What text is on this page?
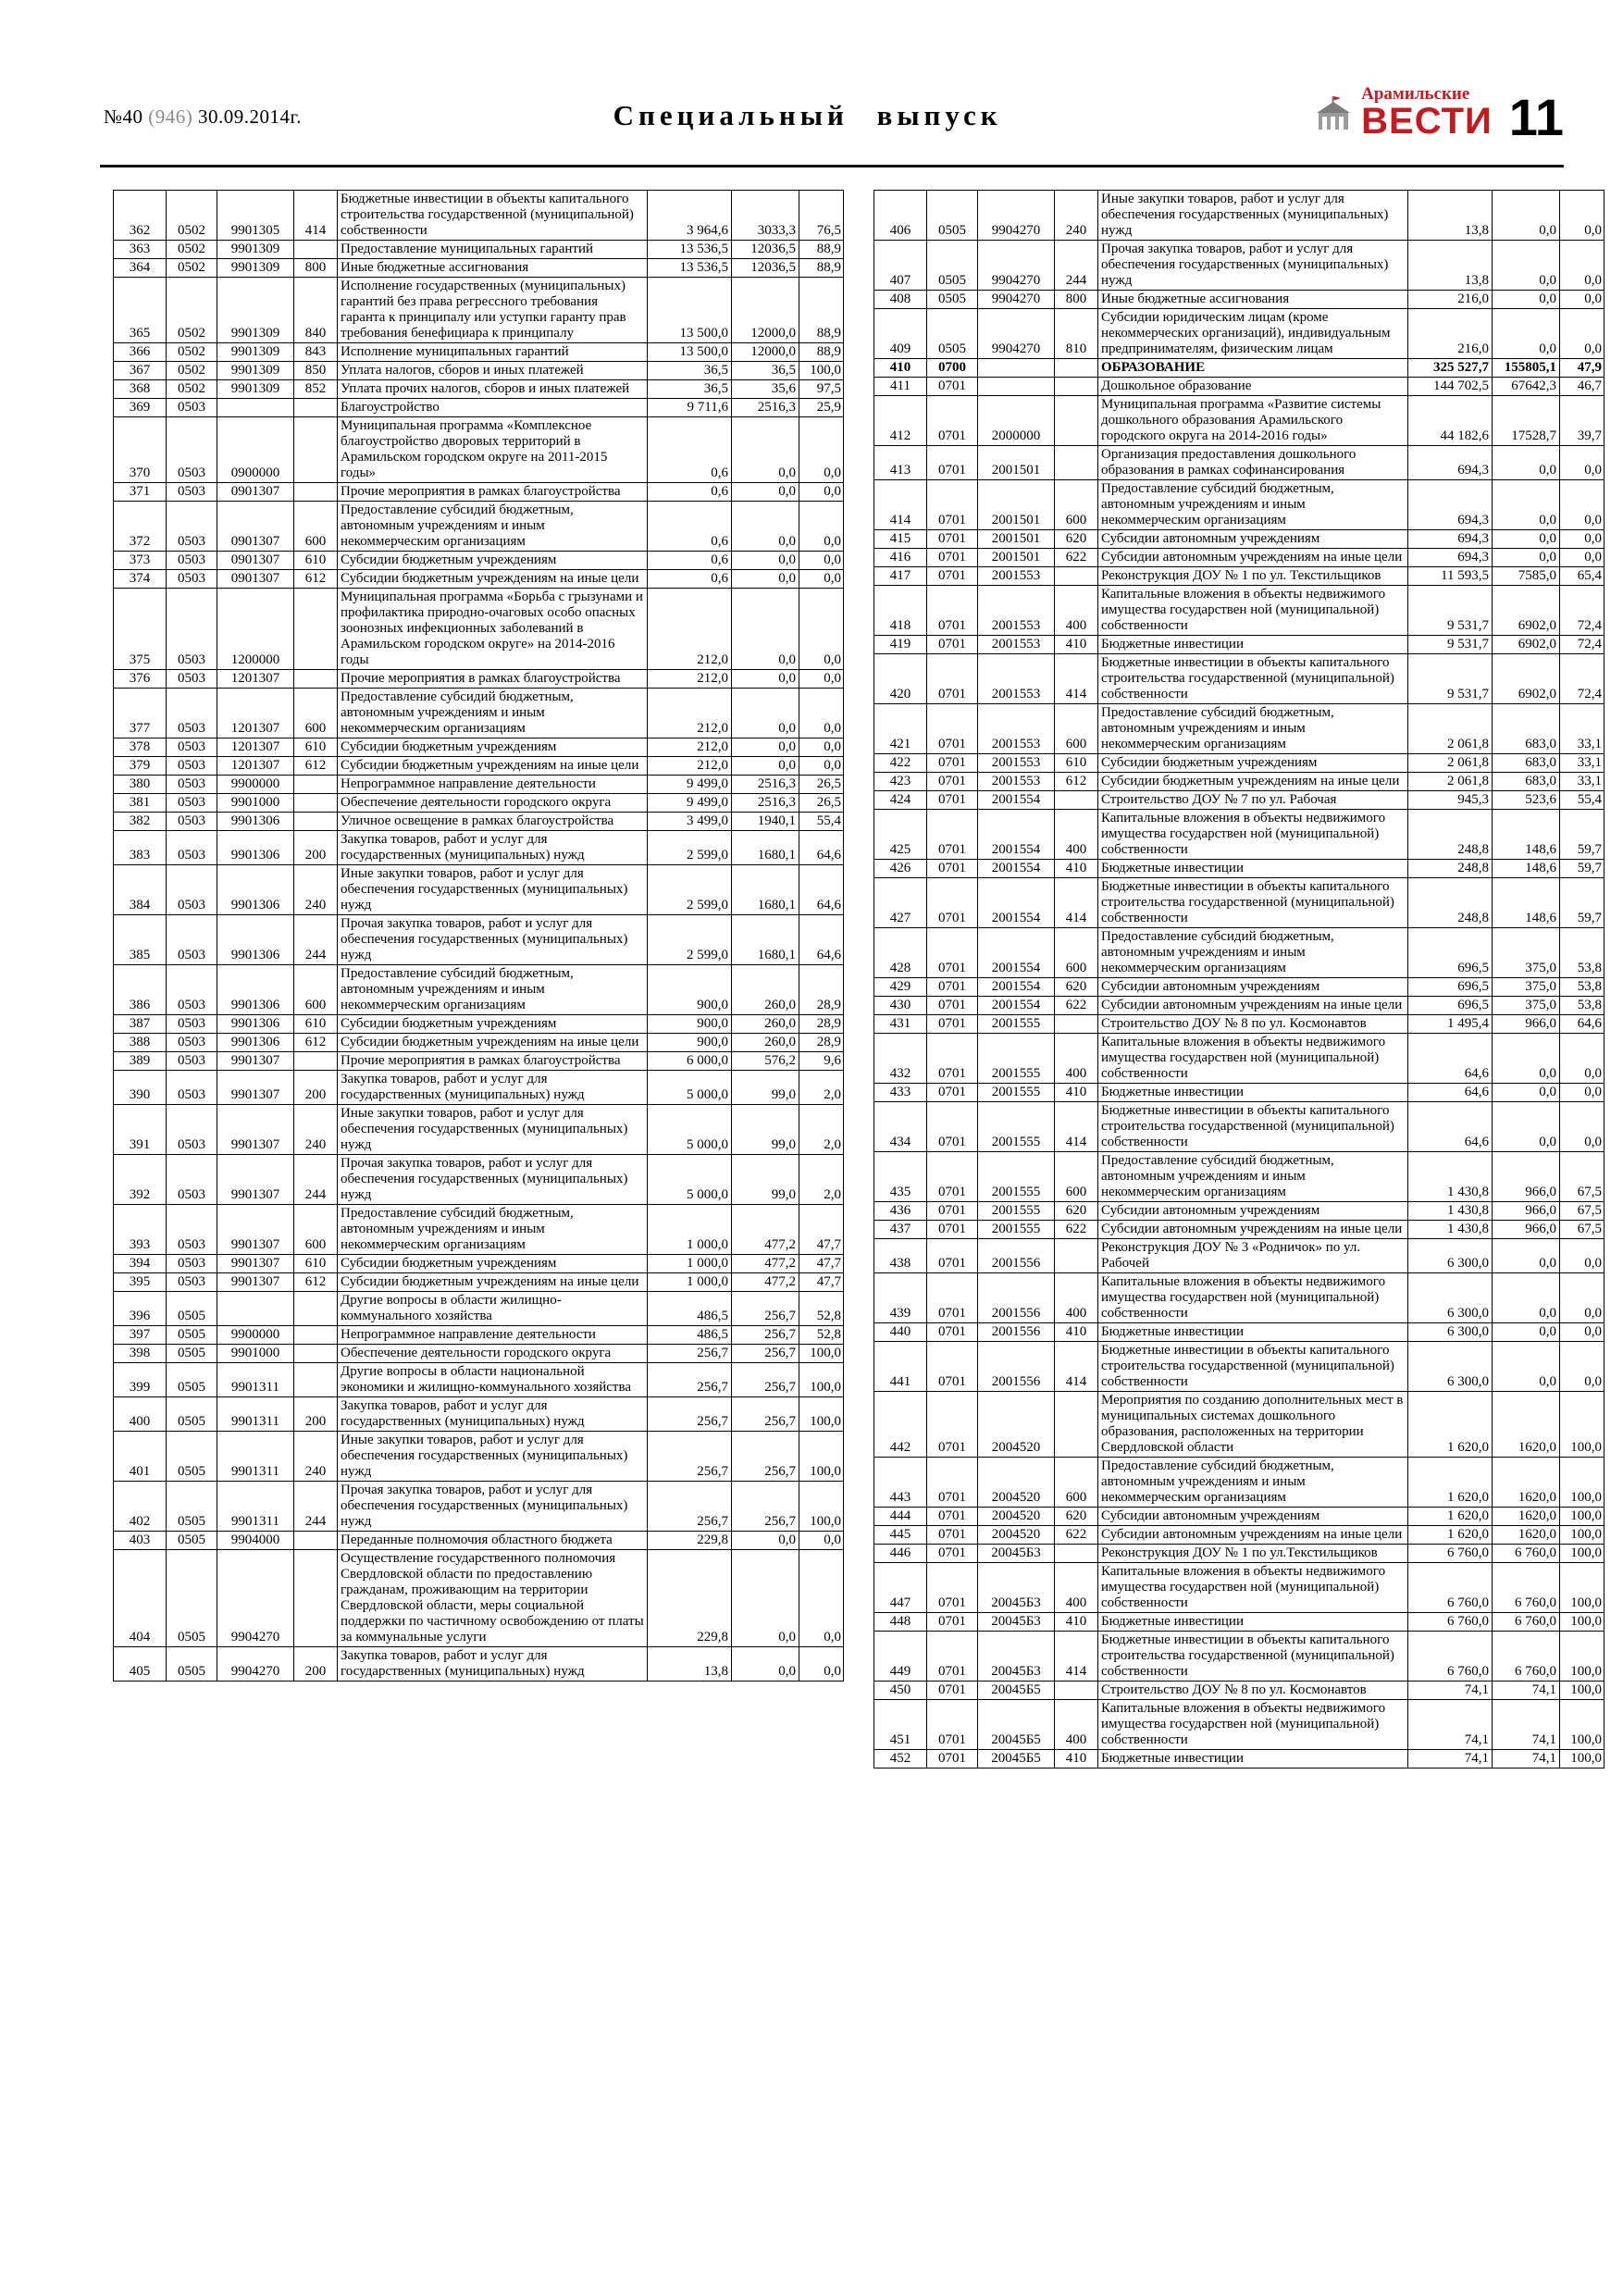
№40 (946) 30.09.2014г.	Специальный выпуск
Арамильские
ВЕСТИ 11
362	0502	9901305	414	Бюджетные инвестиции в объекты капитального строительства государственной (муниципальной) собственности	3 964,6	3033,3	76,5
363	0502	9901309		Предоставление муниципальных гарантий	13 536,5	12036,5	88,9
364	0502	9901309	800	Иные бюджетные ассигнования	13 536,5	12036,5	88,9
365	0502	9901309	840	Исполнение государственных (муниципальных) гарантий без права регрессного требования гаранта к принципалу или уступки гаранту прав требования бенефициара к принципалу	13 500,0	12000,0	88,9
366	0502	9901309	843	Исполнение муниципальных гарантий	13 500,0	12000,0	88,9
367	0502	9901309	850	Уплата налогов, сборов и иных платежей	36,5	36,5	100,0
368	0502	9901309	852	Уплата прочих налогов, сборов и иных платежей	36,5	35,6	97,5
369	0503			Благоустройство	9 711,6	2516,3	25,9
370	0503	0900000		Муниципальная программа «Комплексное благоустройство дворовых территорий в Арамильском городском округе на 2011-2015 годы»	0,6	0,0	0,0
371	0503	0901307		Прочие мероприятия в рамках благоустройства	0,6	0,0	0,0
372	0503	0901307	600	Предоставление субсидий бюджетным, автономным учреждениям и иным некоммерческим организациям	0,6	0,0	0,0
373	0503	0901307	610	Субсидии бюджетным учреждениям	0,6	0,0	0,0
374	0503	0901307	612	Субсидии бюджетным учреждениям на иные цели	0,6	0,0	0,0
375	0503	1200000		Муниципальная программа «Борьба с грызунами и профилактика природно-очаговых особо опасных зоонозных инфекционных заболеваний в Арамильском городском округе» на 2014-2016 годы	212,0	0,0	0,0
376	0503	1201307		Прочие мероприятия в рамках благоустройства	212,0	0,0	0,0
377	0503	1201307	600	Предоставление субсидий бюджетным, автономным учреждениям и иным некоммерческим организациям	212,0	0,0	0,0
378	0503	1201307	610	Субсидии бюджетным учреждениям	212,0	0,0	0,0
379	0503	1201307	612	Субсидии бюджетным учреждениям на иные цели	212,0	0,0	0,0
380	0503	9900000		Непрограммное направление деятельности	9 499,0	2516,3	26,5
381	0503	9901000		Обеспечение деятельности городского округа	9 499,0	2516,3	26,5
382	0503	9901306		Уличное освещение в рамках благоустройства	3 499,0	1940,1	55,4
383	0503	9901306	200	Закупка товаров, работ и услуг для государственных (муниципальных) нужд	2 599,0	1680,1	64,6
384	0503	9901306	240	Иные закупки товаров, работ и услуг для обеспечения государственных (муниципальных) нужд	2 599,0	1680,1	64,6
385	0503	9901306	244	Прочая закупка товаров, работ и услуг для обеспечения государственных (муниципальных) нужд	2 599,0	1680,1	64,6
386	0503	9901306	600	Предоставление субсидий бюджетным, автономным учреждениям и иным некоммерческим организациям	900,0	260,0	28,9
387	0503	9901306	610	Субсидии бюджетным учреждениям	900,0	260,0	28,9
388	0503	9901306	612	Субсидии бюджетным учреждениям на иные цели	900,0	260,0	28,9
389	0503	9901307		Прочие мероприятия в рамках благоустройства	6 000,0	576,2	9,6
390	0503	9901307	200	Закупка товаров, работ и услуг для государственных (муниципальных) нужд	5 000,0	99,0	2,0
391	0503	9901307	240	Иные закупки товаров, работ и услуг для обеспечения государственных (муниципальных) нужд	5 000,0	99,0	2,0
392	0503	9901307	244	Прочая закупка товаров, работ и услуг для обеспечения государственных (муниципальных) нужд	5 000,0	99,0	2,0
393	0503	9901307	600	Предоставление субсидий бюджетным, автономным учреждениям и иным некоммерческим организациям	1 000,0	477,2	47,7
394	0503	9901307	610	Субсидии бюджетным учреждениям	1 000,0	477,2	47,7
395	0503	9901307	612	Субсидии бюджетным учреждениям на иные цели	1 000,0	477,2	47,7
396	0505			Другие вопросы в области жилищно-коммунального хозяйства	486,5	256,7	52,8
397	0505	9900000		Непрограммное направление деятельности	486,5	256,7	52,8
398	0505	9901000		Обеспечение деятельности городского округа	256,7	256,7	100,0
399	0505	9901311		Другие вопросы в области национальной экономики и жилищно-коммунального хозяйства	256,7	256,7	100,0
400	0505	9901311	200	Закупка товаров, работ и услуг для государственных (муниципальных) нужд	256,7	256,7	100,0
401	0505	9901311	240	Иные закупки товаров, работ и услуг для обеспечения государственных (муниципальных) нужд	256,7	256,7	100,0
402	0505	9901311	244	Прочая закупка товаров, работ и услуг для обеспечения государственных (муниципальных) нужд	256,7	256,7	100,0
403	0505	9904000		Переданные полномочия областного бюджета	229,8	0,0	0,0
404	0505	9904270		Осуществление государственного полномочия Свердловской области по предоставлению гражданам, проживающим на территории Свердловской области, меры социальной поддержки по частичному освобождению от платы за коммунальные услуги	229,8	0,0	0,0
405	0505	9904270	200	Закупка товаров, работ и услуг для государственных (муниципальных) нужд	13,8	0,0	0,0
406	0505	9904270	240	Иные закупки товаров, работ и услуг для обеспечения государственных (муниципальных) нужд	13,8	0,0	0,0
407	0505	9904270	244	Прочая закупка товаров, работ и услуг для обеспечения государственных (муниципальных) нужд	13,8	0,0	0,0
408	0505	9904270	800	Иные бюджетные ассигнования	216,0	0,0	0,0
409	0505	9904270	810	Субсидии юридическим лицам (кроме некоммерческих организаций), индивидуальным предпринимателям, физическим лицам	216,0	0,0	0,0
410	0700			ОБРАЗОВАНИЕ	325 527,7	155805,1	47,9
411	0701			Дошкольное образование	144 702,5	67642,3	46,7
412	0701	2000000		Муниципальная программа «Развитие системы дошкольного образования Арамильского городского округа на 2014-2016 годы»	44 182,6	17528,7	39,7
413	0701	2001501		Организация предоставления дошкольного образования в рамках софинансирования	694,3	0,0	0,0
414	0701	2001501	600	Предоставление субсидий бюджетным, автономным учреждениям и иным некоммерческим организациям	694,3	0,0	0,0
415	0701	2001501	620	Субсидии автономным учреждениям	694,3	0,0	0,0
416	0701	2001501	622	Субсидии автономным учреждениям на иные цели	694,3	0,0	0,0
417	0701	2001553		Реконструкция ДОУ № 1 по ул. Текстильщиков	11 593,5	7585,0	65,4
418	0701	2001553	400	Капитальные вложения в объекты недвижимого имущества государствен ной (муниципальной) собственности	9 531,7	6902,0	72,4
419	0701	2001553	410	Бюджетные инвестиции	9 531,7	6902,0	72,4
420	0701	2001553	414	Бюджетные инвестиции в объекты капитального строительства государственной (муниципальной) собственности	9 531,7	6902,0	72,4
421	0701	2001553	600	Предоставление субсидий бюджетным, автономным учреждениям и иным некоммерческим организациям	2 061,8	683,0	33,1
422	0701	2001553	610	Субсидии бюджетным учреждениям	2 061,8	683,0	33,1
423	0701	2001553	612	Субсидии бюджетным учреждениям на иные цели	2 061,8	683,0	33,1
424	0701	2001554		Строительство ДОУ № 7 по ул. Рабочая	945,3	523,6	55,4
425	0701	2001554	400	Капитальные вложения в объекты недвижимого имущества государствен ной (муниципальной) собственности	248,8	148,6	59,7
426	0701	2001554	410	Бюджетные инвестиции	248,8	148,6	59,7
427	0701	2001554	414	Бюджетные инвестиции в объекты капитального строительства государственной (муниципальной) собственности	248,8	148,6	59,7
428	0701	2001554	600	Предоставление субсидий бюджетным, автономным учреждениям и иным некоммерческим организациям	696,5	375,0	53,8
429	0701	2001554	620	Субсидии автономным учреждениям	696,5	375,0	53,8
430	0701	2001554	622	Субсидии автономным учреждениям на иные цели	696,5	375,0	53,8
431	0701	2001555		Строительство ДОУ № 8 по ул. Космонавтов	1 495,4	966,0	64,6
432	0701	2001555	400	Капитальные вложения в объекты недвижимого имущества государствен ной (муниципальной) собственности	64,6	0,0	0,0
433	0701	2001555	410	Бюджетные инвестиции	64,6	0,0	0,0
434	0701	2001555	414	Бюджетные инвестиции в объекты капитального строительства государственной (муниципальной) собственности	64,6	0,0	0,0
435	0701	2001555	600	Предоставление субсидий бюджетным, автономным учреждениям и иным некоммерческим организациям	1 430,8	966,0	67,5
436	0701	2001555	620	Субсидии автономным учреждениям	1 430,8	966,0	67,5
437	0701	2001555	622	Субсидии автономным учреждениям на иные цели	1 430,8	966,0	67,5
438	0701	2001556		Реконструкция ДОУ № 3 «Родничок» по ул. Рабочей	6 300,0	0,0	0,0
439	0701	2001556	400	Капитальные вложения в объекты недвижимого имущества государствен ной (муниципальной) собственности	6 300,0	0,0	0,0
440	0701	2001556	410	Бюджетные инвестиции	6 300,0	0,0	0,0
441	0701	2001556	414	Бюджетные инвестиции в объекты капитального строительства государственной (муниципальной) собственности	6 300,0	0,0	0,0
442	0701	2004520		Мероприятия по созданию дополнительных мест в муниципальных системах дошкольного образования, расположенных на территории Свердловской области	1 620,0	1620,0	100,0
443	0701	2004520	600	Предоставление субсидий бюджетным, автономным учреждениям и иным некоммерческим организациям	1 620,0	1620,0	100,0
444	0701	2004520	620	Субсидии автономным учреждениям	1 620,0	1620,0	100,0
445	0701	2004520	622	Субсидии автономным учреждениям на иные цели	1 620,0	1620,0	100,0
446	0701	20045Б3		Реконструкция ДОУ № 1 по ул.Текстильщиков	6 760,0	6 760,0	100,0
447	0701	20045Б3	400	Капитальные вложения в объекты недвижимого имущества государствен ной (муниципальной) собственности	6 760,0	6 760,0	100,0
448	0701	20045Б3	410	Бюджетные инвестиции	6 760,0	6 760,0	100,0
449	0701	20045Б3	414	Бюджетные инвестиции в объекты капитального строительства государственной (муниципальной) собственности	6 760,0	6 760,0	100,0
450	0701	20045Б5		Строительство ДОУ № 8 по ул. Космонавтов	74,1	74,1	100,0
451	0701	20045Б5	400	Капитальные вложения в объекты недвижимого имущества государствен ной (муниципальной) собственности	74,1	74,1	100,0
452	0701	20045Б5	410	Бюджетные инвестиции	74,1	74,1	100,0
